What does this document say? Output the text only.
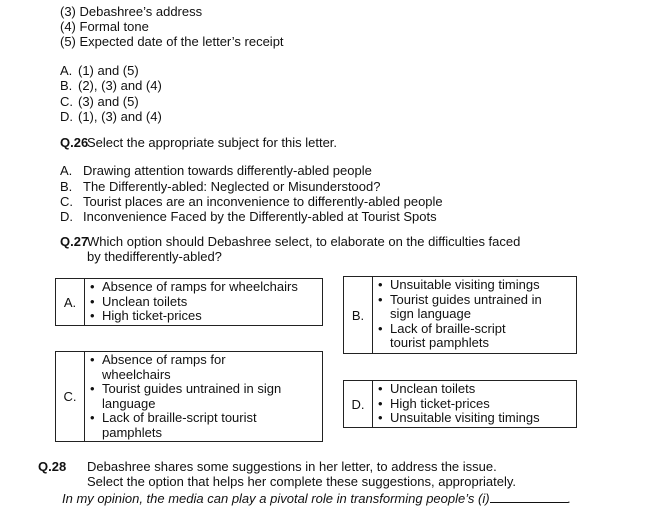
(3) Debashree’s address
(4) Formal tone
(5) Expected date of the letter’s receipt
A. (1) and (5)
B. (2), (3) and (4)
C. (3) and (5)
D. (1), (3) and (4)
Q.26
Select the appropriate subject for this letter.
A. Drawing attention towards differently-abled people
B. The Differently-abled: Neglected or Misunderstood?
C. Tourist places are an inconvenience to differently-abled people
D. Inconvenience Faced by the Differently-abled at Tourist Spots
Q.27
Which option should Debashree select, to elaborate on the difficulties faced
by thedifferently-abled?
A.
• Absence of ramps for wheelchairs
• Unclean toilets
• High ticket-prices	B.
• Unsuitable visiting timings
• Tourist guides untrained in
sign language
• Lack of braille-script
tourist pamphlets
C.
• Absence of ramps for
wheelchairs
• Tourist guides untrained in sign
language
• Lack of braille-script tourist
pamphlets
D.
• Unclean toilets
• High ticket-prices
• Unsuitable visiting timings
Q.28 Debashree shares some suggestions in her letter, to address the issue.
Select the option that helps her complete these suggestions, appropriately.
In my opinion, the media can play a pivotal role in transforming people’s (i)	.
